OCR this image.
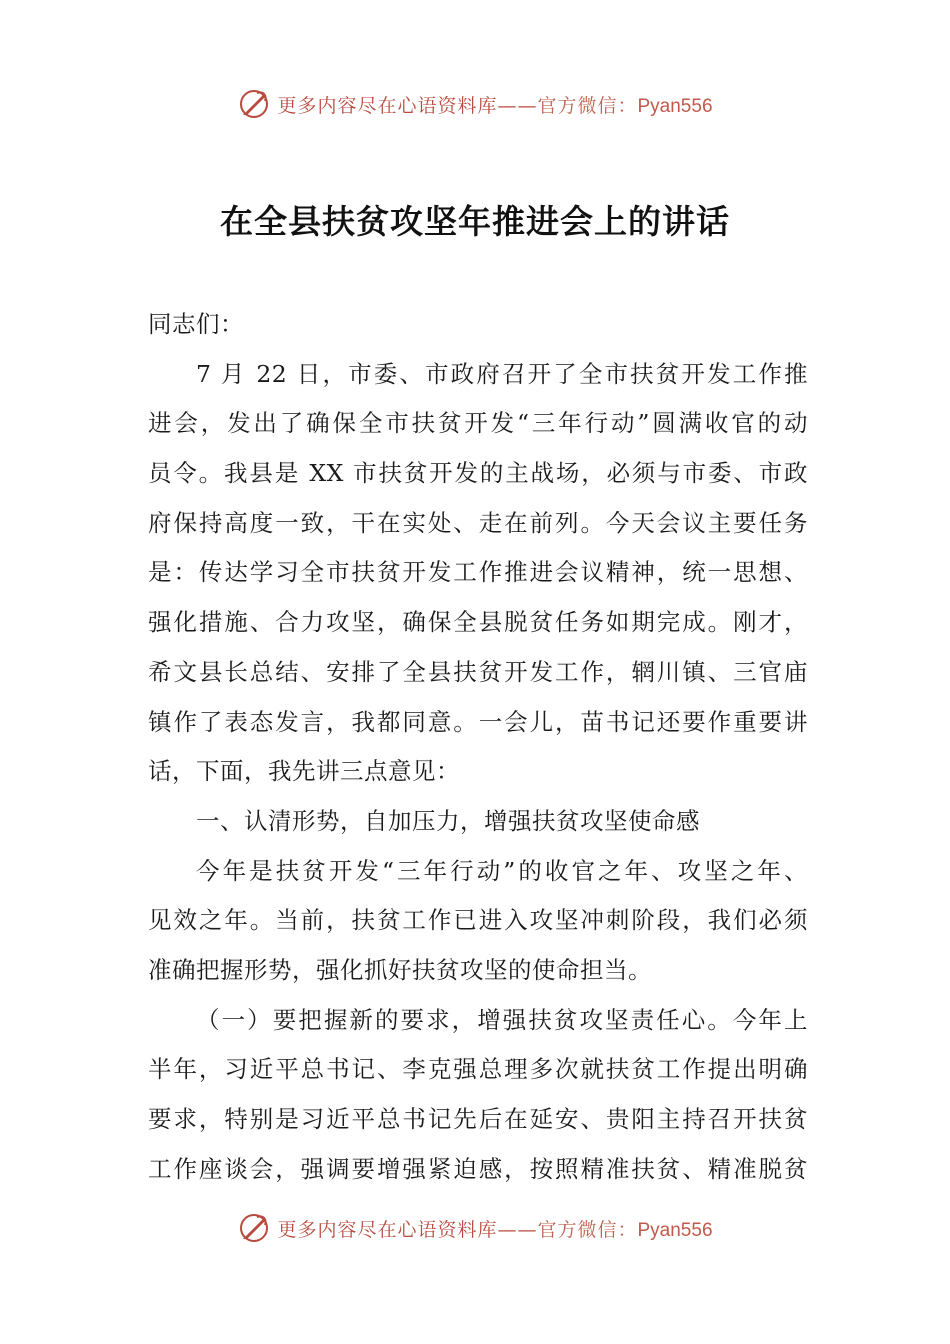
更多内容尽在心语资料库——官方微信：Pyan556
在全县扶贫攻坚年推进会上的讲话
同志们：
7 月 22 日，市委、市政府召开了全市扶贫开发工作推
进会，发出了确保全市扶贫开发“三年行动”圆满收官的动
员令。我县是 XX 市扶贫开发的主战场，必须与市委、市政
府保持高度一致，干在实处、走在前列。今天会议主要任务
是：传达学习全市扶贫开发工作推进会议精神，统一思想、
强化措施、合力攻坚，确保全县脱贫任务如期完成。刚才，
希文县长总结、安排了全县扶贫开发工作，辋川镇、三官庙
镇作了表态发言，我都同意。一会儿，苗书记还要作重要讲
话，下面，我先讲三点意见：
一、认清形势，自加压力，增强扶贫攻坚使命感
今年是扶贫开发“三年行动”的收官之年、攻坚之年、
见效之年。当前，扶贫工作已进入攻坚冲刺阶段，我们必须
准确把握形势，强化抓好扶贫攻坚的使命担当。
（一）要把握新的要求，增强扶贫攻坚责任心。今年上
半年，习近平总书记、李克强总理多次就扶贫工作提出明确
要求，特别是习近平总书记先后在延安、贵阳主持召开扶贫
工作座谈会，强调要增强紧迫感，按照精准扶贫、精准脱贫
更多内容尽在心语资料库——官方微信：Pyan556
